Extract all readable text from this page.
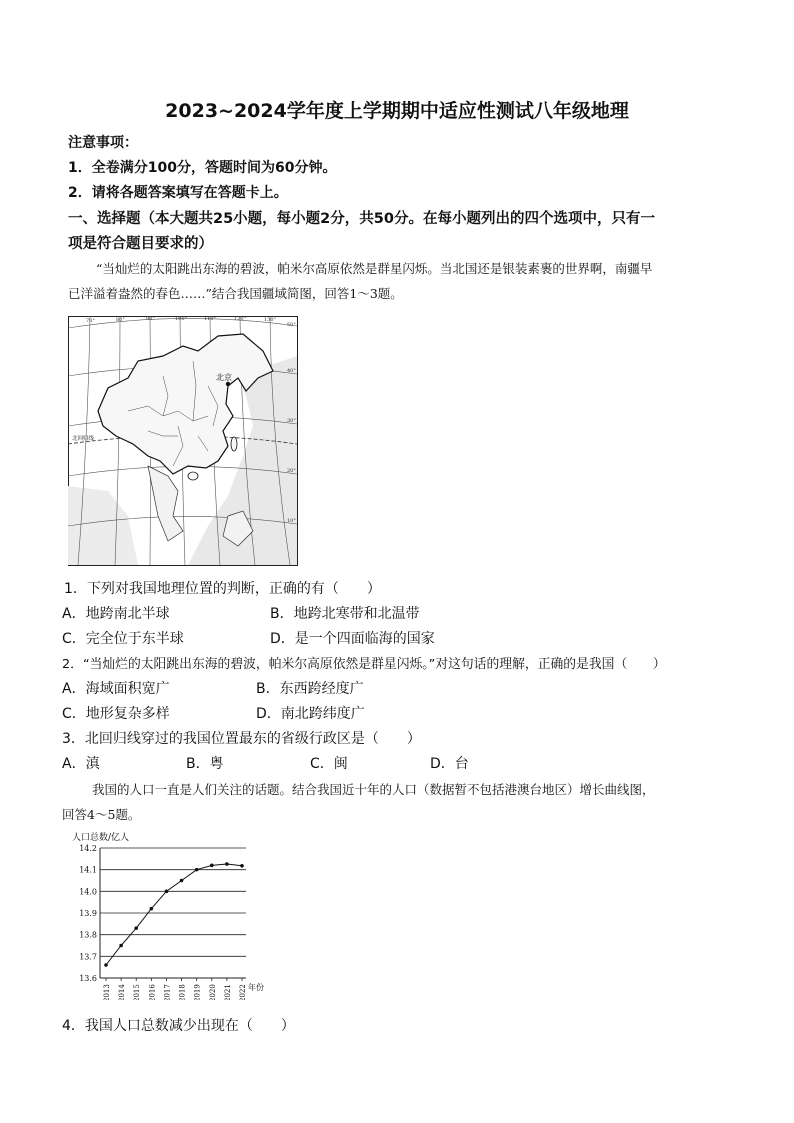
2023~2024学年度上学期期中适应性测试八年级地理
注意事项：
1．全卷满分100分，答题时间为60分钟。
2．请将各题答案填写在答题卡上。
一、选择题（本大题共25小题，每小题2分，共50分。在每小题列出的四个选项中，只有一
项是符合题目要求的）
“当灿烂的太阳跳出东海的碧波，帕米尔高原依然是群星闪烁。当北国还是银装素裹的世界啊，南疆早
已洋溢着盎然的春色……”结合我国疆域简图，回答1～3题。
北京
北回归线
70°	80°	90°	100°	110°	120°	130°
50°
40°
30°
20°
10°
1．下列对我国地理位置的判断，正确的有（　　）
A．地跨南北半球	B．地跨北寒带和北温带
C．完全位于东半球	D．是一个四面临海的国家
2．“当灿烂的太阳跳出东海的碧波，帕米尔高原依然是群星闪烁。”对这句话的理解，正确的是我国（　　）
A．海域面积宽广	B．东西跨经度广
C．地形复杂多样	D．南北跨纬度广
3．北回归线穿过的我国位置最东的省级行政区是（　　）
A．滇	B．粤	C．闽	D．台
我国的人口一直是人们关注的话题。结合我国近十年的人口（数据暂不包括港澳台地区）增长曲线图，
回答4～5题。
人口总数/亿人
年份
13.6
13.7
13.8
13.9
14.0
14.1
14.2
2013 2014 2015 2016 2017 2018 2019 2020 2021 2022
4．我国人口总数减少出现在（　　）
